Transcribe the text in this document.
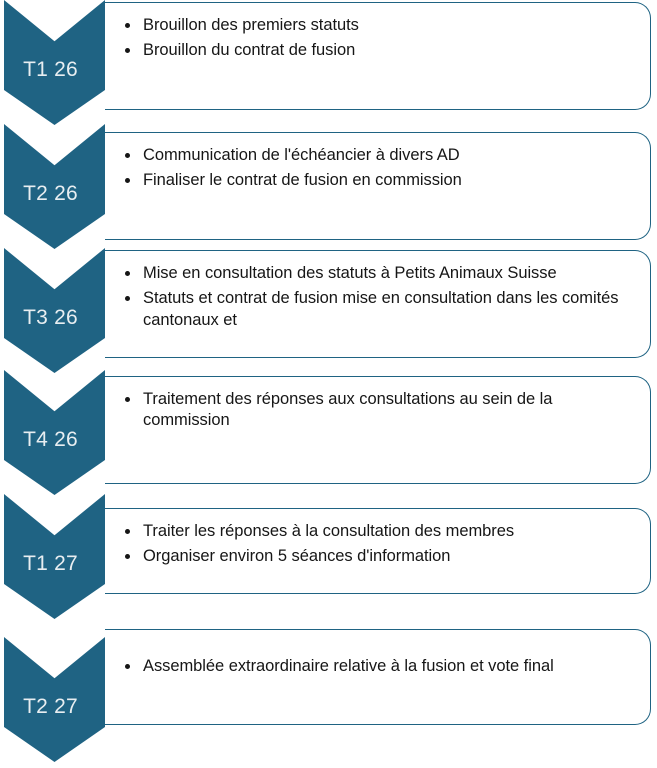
T1 26
Brouillon des premiers statuts
Brouillon du contrat de fusion
T2 26
Communication de l'échéancier à divers AD
Finaliser le contrat de fusion en commission
T3 26
Mise en consultation des statuts à Petits Animaux Suisse
Statuts et contrat de fusion mise en consultation dans les comités cantonaux et
T4 26
Traitement des réponses aux consultations au sein de la commission
T1 27
Traiter les réponses à la consultation des membres
Organiser environ 5 séances d'information
T2 27
Assemblée extraordinaire relative à la fusion et vote final
